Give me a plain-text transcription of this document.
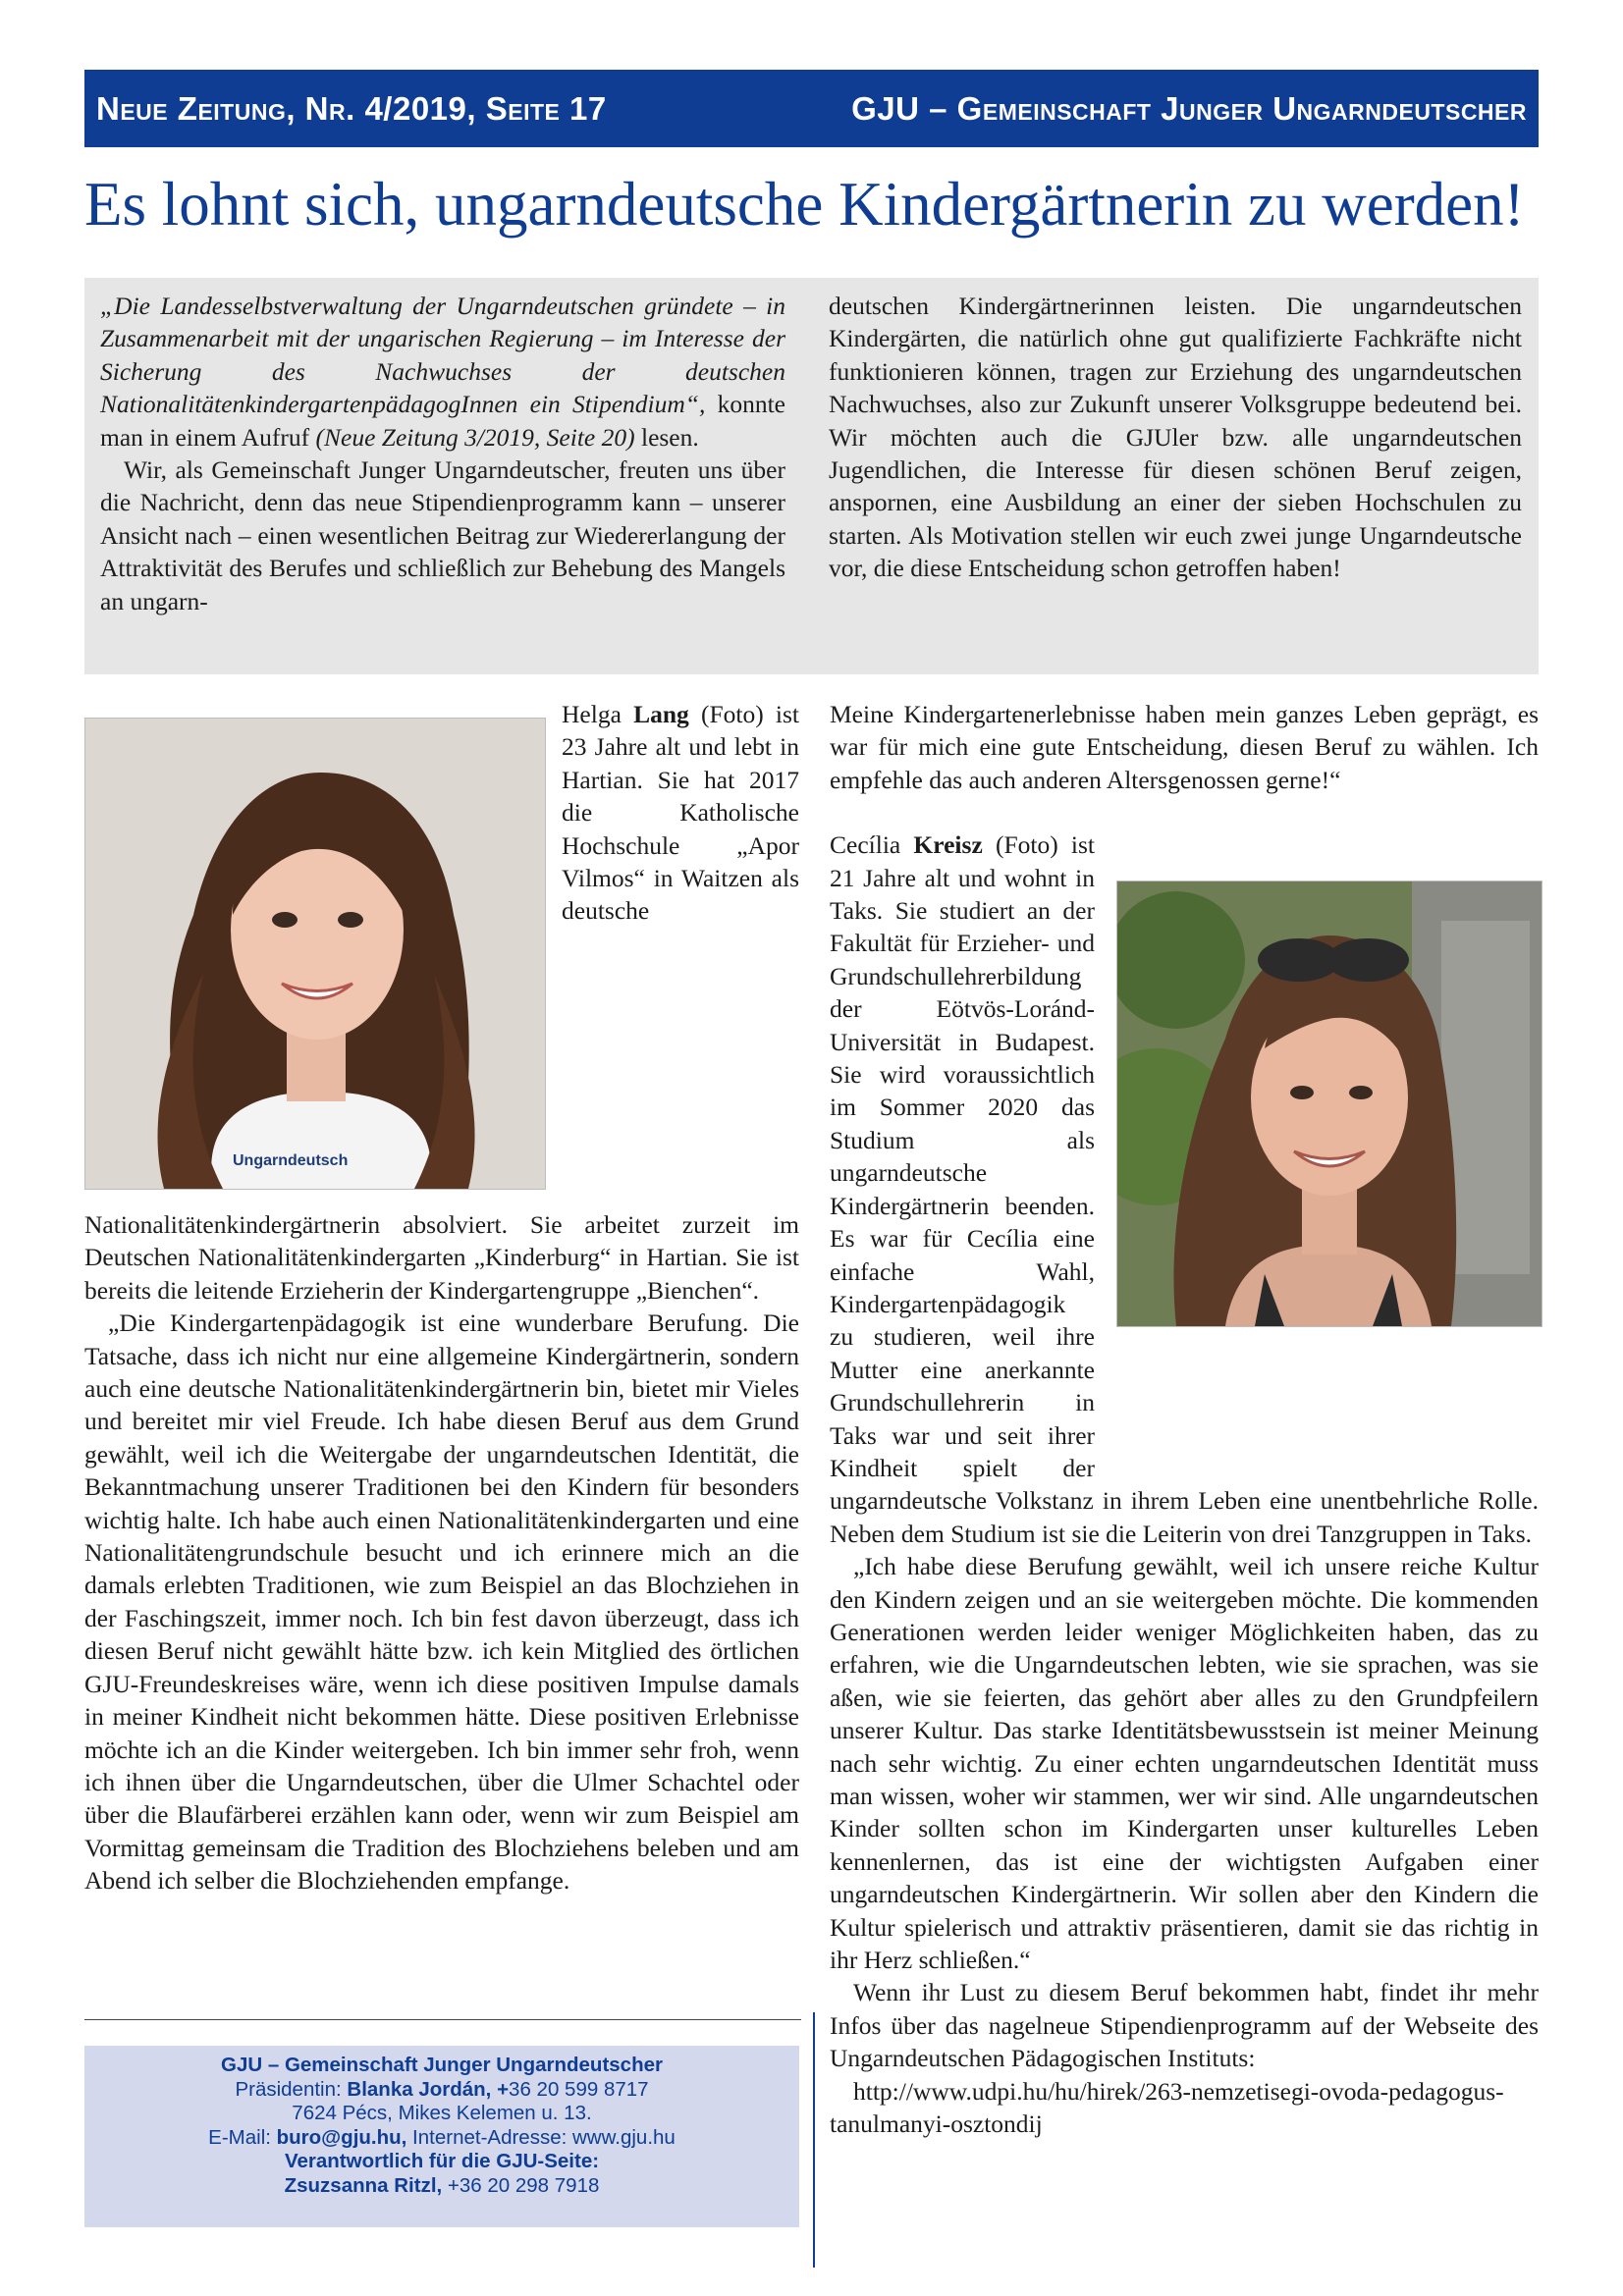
Neue Zeitung, Nr. 4/2019, Seite 17	GJU – Gemeinschaft Junger Ungarndeutscher
Es lohnt sich, ungarndeutsche Kindergärtnerin zu werden!

„Die Landesselbstverwaltung der Ungarndeutschen gründete – in Zusammenarbeit mit der ungarischen Regierung – im Interesse der Sicherung des Nachwuchses der deutschen NationalitätenkindergartenpädagogInnen ein Stipendium“, konnte man in einem Aufruf (Neue Zeitung 3/2019, Seite 20) lesen.

Wir, als Gemeinschaft Junger Ungarndeutscher, freuten uns über die Nachricht, denn das neue Stipendienprogramm kann – unserer Ansicht nach – einen wesentlichen Beitrag zur Wiedererlangung der Attraktivität des Berufes und schließlich zur Behebung des Mangels an ungarn-

deutschen Kindergärtnerinnen leisten. Die ungarndeutschen Kindergärten, die natürlich ohne gut qualifizierte Fachkräfte nicht funktionieren können, tragen zur Erziehung des ungarndeutschen Nachwuchses, also zur Zukunft unserer Volksgruppe bedeutend bei. Wir möchten auch die GJUler bzw. alle ungarndeutschen Jugendlichen, die Interesse für diesen schönen Beruf zeigen, anspornen, eine Ausbildung an einer der sieben Hochschulen zu starten. Als Motivation stellen wir euch zwei junge Ungarndeutsche vor, die diese Entscheidung schon getroffen haben!

Ungarndeutsch

Helga Lang (Foto) ist 23 Jahre alt und lebt in Hartian. Sie hat 2017 die Katholische Hochschule „Apor Vilmos“ in Waitzen als deutsche Nationalitätenkindergärtnerin absolviert. Sie arbeitet zurzeit im Deutschen Nationalitätenkindergarten „Kinderburg“ in Hartian. Sie ist bereits die leitende Erzieherin der Kindergartengruppe „Bienchen“.

„Die Kindergartenpädagogik ist eine wunderbare Berufung. Die Tatsache, dass ich nicht nur eine allgemeine Kindergärtnerin, sondern auch eine deutsche Nationalitätenkindergärtnerin bin, bietet mir Vieles und bereitet mir viel Freude. Ich habe diesen Beruf aus dem Grund gewählt, weil ich die Weitergabe der ungarndeutschen Identität, die Bekanntmachung unserer Traditionen bei den Kindern für besonders wichtig halte. Ich habe auch einen Nationalitätenkindergarten und eine Nationalitätengrundschule besucht und ich erinnere mich an die damals erlebten Traditionen, wie zum Beispiel an das Blochziehen in der Faschingszeit, immer noch. Ich bin fest davon überzeugt, dass ich diesen Beruf nicht gewählt hätte bzw. ich kein Mitglied des örtlichen GJU-Freundeskreises wäre, wenn ich diese positiven Impulse damals in meiner Kindheit nicht bekommen hätte. Diese positiven Erlebnisse möchte ich an die Kinder weitergeben. Ich bin immer sehr froh, wenn ich ihnen über die Ungarndeutschen, über die Ulmer Schachtel oder über die Blaufärberei erzählen kann oder, wenn wir zum Beispiel am Vormittag gemeinsam die Tradition des Blochziehens beleben und am Abend ich selber die Blochziehenden empfange.

Meine Kindergartenerlebnisse haben mein ganzes Leben geprägt, es war für mich eine gute Entscheidung, diesen Beruf zu wählen. Ich empfehle das auch anderen Altersgenossen gerne!“

Cecília Kreisz (Foto) ist 21 Jahre alt und wohnt in Taks. Sie studiert an der Fakultät für Erzieher- und Grundschullehrerbildung der Eötvös-Loránd-Universität in Budapest. Sie wird voraussichtlich im Sommer 2020 das Studium als ungarndeutsche Kindergärtnerin beenden. Es war für Cecília eine einfache Wahl, Kindergartenpädagogik zu studieren, weil ihre Mutter eine anerkannte Grundschullehrerin in Taks war und seit ihrer Kindheit spielt der ungarndeutsche Volkstanz in ihrem Leben eine unentbehrliche Rolle. Neben dem Studium ist sie die Leiterin von drei Tanzgruppen in Taks.

„Ich habe diese Berufung gewählt, weil ich unsere reiche Kultur den Kindern zeigen und an sie weitergeben möchte. Die kommenden Generationen werden leider weniger Möglichkeiten haben, das zu erfahren, wie die Ungarndeutschen lebten, wie sie sprachen, was sie aßen, wie sie feierten, das gehört aber alles zu den Grundpfeilern unserer Kultur. Das starke Identitätsbewusstsein ist meiner Meinung nach sehr wichtig. Zu einer echten ungarndeutschen Identität muss man wissen, woher wir stammen, wer wir sind. Alle ungarndeutschen Kinder sollten schon im Kindergarten unser kulturelles Leben kennenlernen, das ist eine der wichtigsten Aufgaben einer ungarndeutschen Kindergärtnerin. Wir sollen aber den Kindern die Kultur spielerisch und attraktiv präsentieren, damit sie das richtig in ihr Herz schließen.“

Wenn ihr Lust zu diesem Beruf bekommen habt, findet ihr mehr Infos über das nagelneue Stipendienprogramm auf der Webseite des Ungarndeutschen Pädagogischen Instituts:

http://www.udpi.hu/hu/hirek/263-nemzetisegi-ovoda-pedagogus-tanulmanyi-osztondij

GJU – Gemeinschaft Junger Ungarndeutscher
Präsidentin: Blanka Jordán, +36 20 599 8717
7624 Pécs, Mikes Kelemen u. 13.
E-Mail: buro@gju.hu, Internet-Adresse: www.gju.hu
Verantwortlich für die GJU-Seite:
Zsuzsanna Ritzl, +36 20 298 7918
